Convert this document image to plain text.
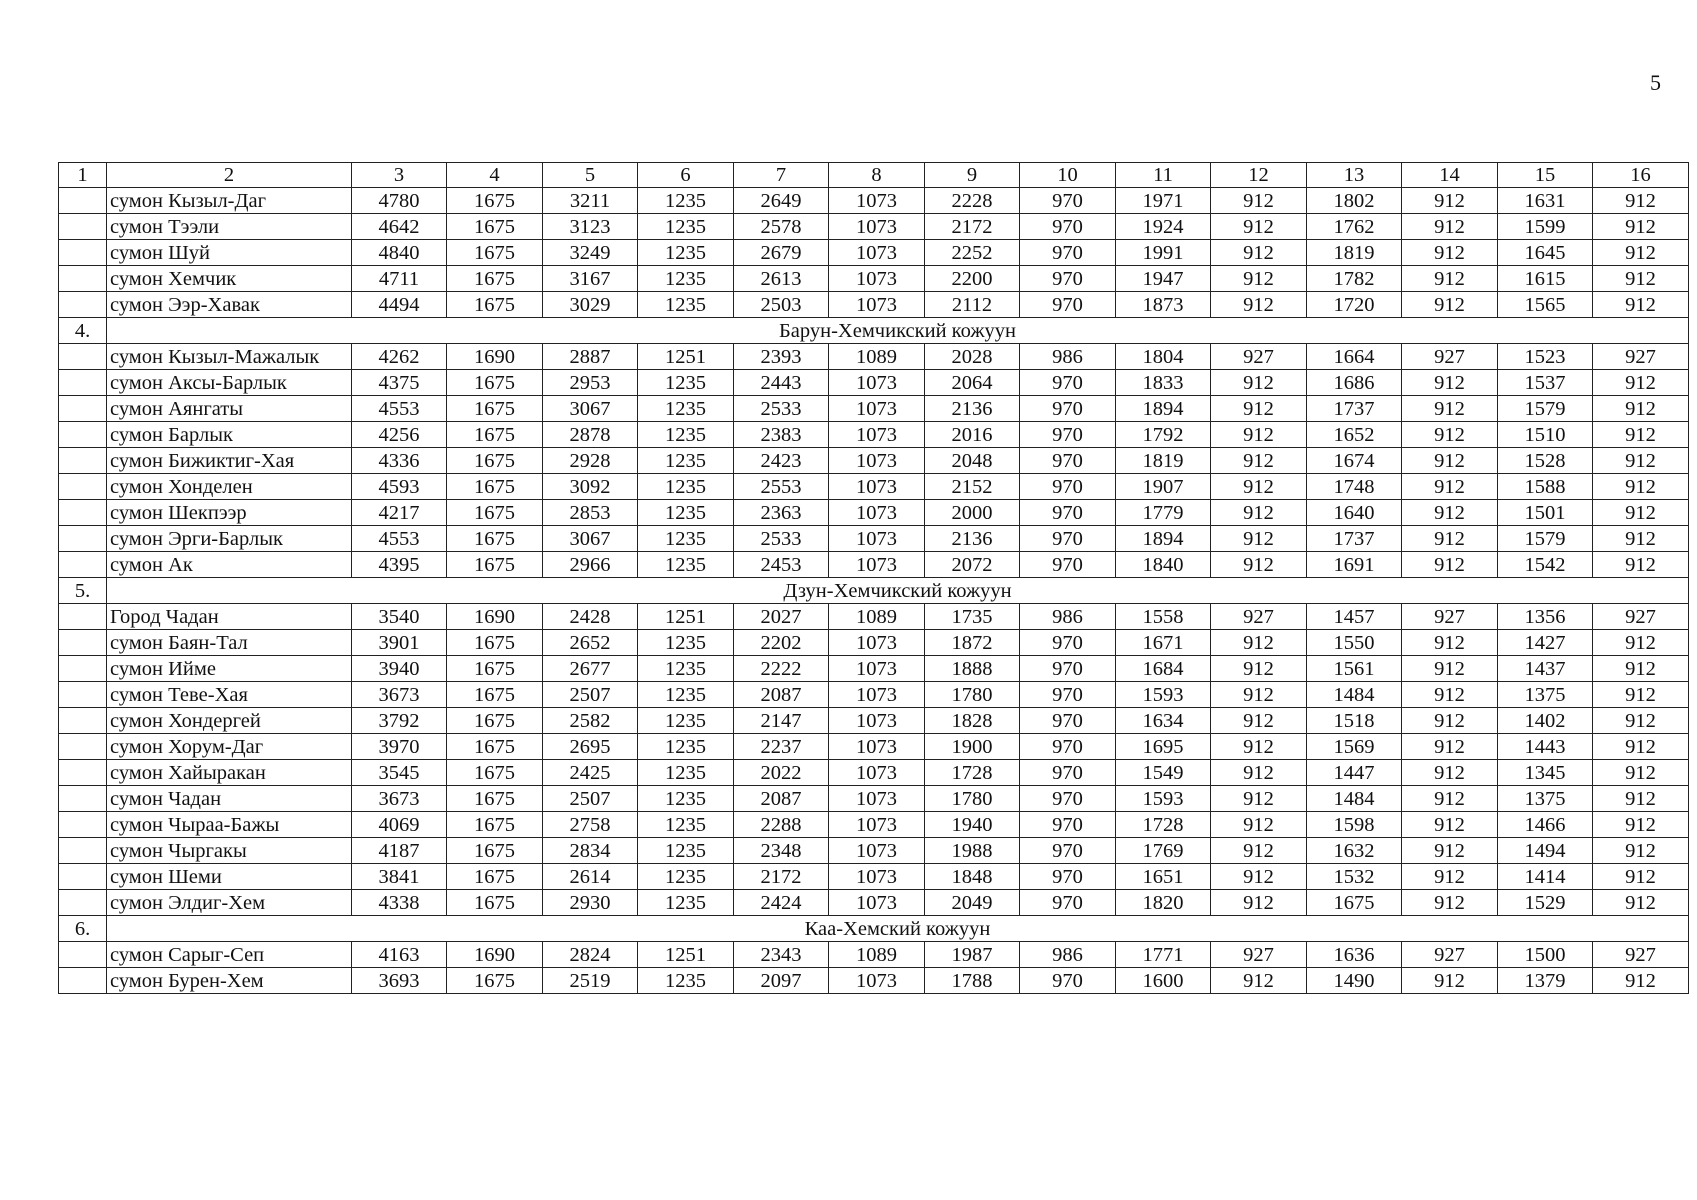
5
1	2	3	4	5	6	7	8	9	10	11	12	13	14	15	16
	сумон Кызыл-Даг	4780	1675	3211	1235	2649	1073	2228	970	1971	912	1802	912	1631	912
	сумон Тээли	4642	1675	3123	1235	2578	1073	2172	970	1924	912	1762	912	1599	912
	сумон Шуй	4840	1675	3249	1235	2679	1073	2252	970	1991	912	1819	912	1645	912
	сумон Хемчик	4711	1675	3167	1235	2613	1073	2200	970	1947	912	1782	912	1615	912
	сумон Ээр-Хавак	4494	1675	3029	1235	2503	1073	2112	970	1873	912	1720	912	1565	912
4.	Барун-Хемчикский кожуун														
	сумон Кызыл-Мажалык	4262	1690	2887	1251	2393	1089	2028	986	1804	927	1664	927	1523	927
	сумон Аксы-Барлык	4375	1675	2953	1235	2443	1073	2064	970	1833	912	1686	912	1537	912
	сумон Аянгаты	4553	1675	3067	1235	2533	1073	2136	970	1894	912	1737	912	1579	912
	сумон Барлык	4256	1675	2878	1235	2383	1073	2016	970	1792	912	1652	912	1510	912
	сумон Бижиктиг-Хая	4336	1675	2928	1235	2423	1073	2048	970	1819	912	1674	912	1528	912
	сумон Хонделен	4593	1675	3092	1235	2553	1073	2152	970	1907	912	1748	912	1588	912
	сумон Шекпээр	4217	1675	2853	1235	2363	1073	2000	970	1779	912	1640	912	1501	912
	сумон Эрги-Барлык	4553	1675	3067	1235	2533	1073	2136	970	1894	912	1737	912	1579	912
	сумон Ак	4395	1675	2966	1235	2453	1073	2072	970	1840	912	1691	912	1542	912
5.	Дзун-Хемчикский кожуун														
	Город Чадан	3540	1690	2428	1251	2027	1089	1735	986	1558	927	1457	927	1356	927
	сумон Баян-Тал	3901	1675	2652	1235	2202	1073	1872	970	1671	912	1550	912	1427	912
	сумон Ийме	3940	1675	2677	1235	2222	1073	1888	970	1684	912	1561	912	1437	912
	сумон Тевe-Хая	3673	1675	2507	1235	2087	1073	1780	970	1593	912	1484	912	1375	912
	сумон Хондергей	3792	1675	2582	1235	2147	1073	1828	970	1634	912	1518	912	1402	912
	сумон Хорум-Даг	3970	1675	2695	1235	2237	1073	1900	970	1695	912	1569	912	1443	912
	сумон Хайыракан	3545	1675	2425	1235	2022	1073	1728	970	1549	912	1447	912	1345	912
	сумон Чадан	3673	1675	2507	1235	2087	1073	1780	970	1593	912	1484	912	1375	912
	сумон Чыраа-Бажы	4069	1675	2758	1235	2288	1073	1940	970	1728	912	1598	912	1466	912
	сумон Чыргакы	4187	1675	2834	1235	2348	1073	1988	970	1769	912	1632	912	1494	912
	сумон Шеми	3841	1675	2614	1235	2172	1073	1848	970	1651	912	1532	912	1414	912
	сумон Элдиг-Хем	4338	1675	2930	1235	2424	1073	2049	970	1820	912	1675	912	1529	912
6.	Каа-Хемский кожуун														
	сумон Сарыг-Сеп	4163	1690	2824	1251	2343	1089	1987	986	1771	927	1636	927	1500	927
	сумон Бурен-Хем	3693	1675	2519	1235	2097	1073	1788	970	1600	912	1490	912	1379	912
